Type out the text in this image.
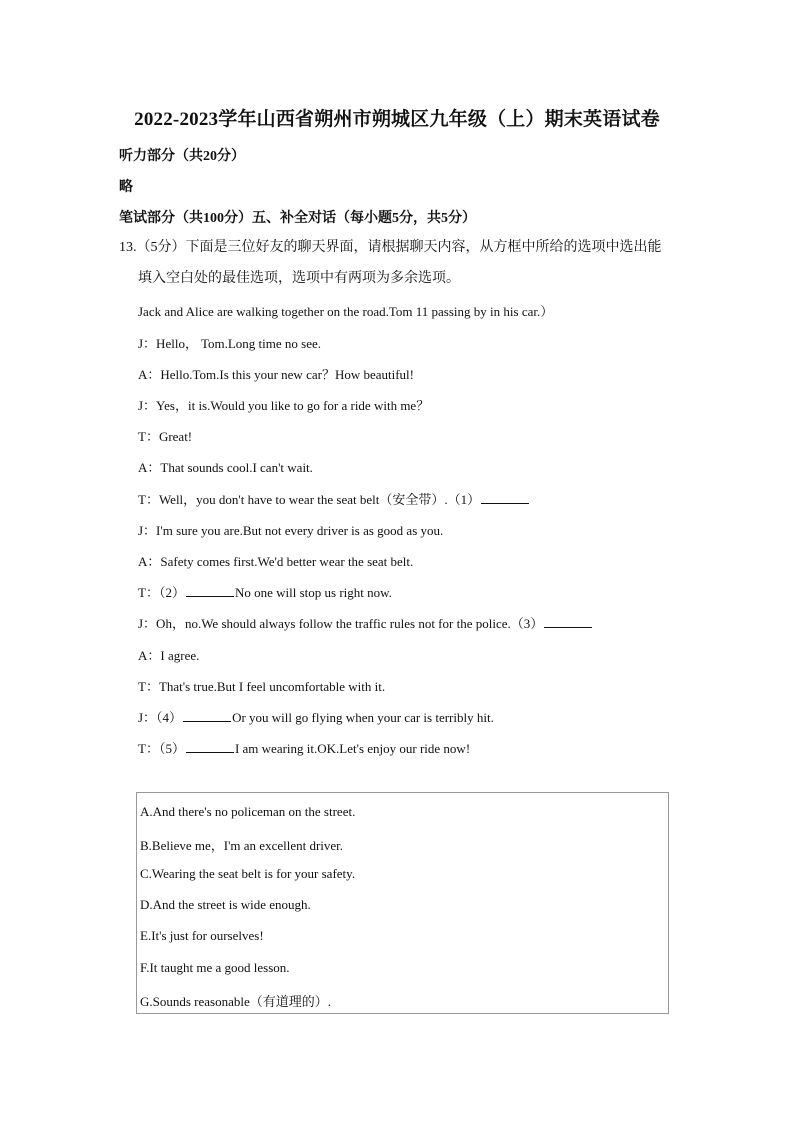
2022-2023学年山西省朔州市朔城区九年级（上）期末英语试卷
听力部分（共20分）
略
笔试部分（共100分）五、补全对话（每小题5分，共5分）
13.（5分）下面是三位好友的聊天界面，请根据聊天内容，从方框中所给的选项中选出能
填入空白处的最佳选项，选项中有两项为多余选项。
Jack and Alice are walking together on the road.Tom 11 passing by in his car.）
J：Hello， Tom.Long time no see.
A：Hello.Tom.Is this your new car？How beautiful!
J：Yes，it is.Would you like to go for a ride with me？
T：Great!
A：That sounds cool.I can't wait.
T：Well，you don't have to wear the seat belt（安全带）.（1）
J：I'm sure you are.But not every driver is as good as you.
A：Safety comes first.We'd better wear the seat belt.
T：（2）	No one will stop us right now.
J：Oh，no.We should always follow the traffic rules not for the police.（3）
A：I agree.
T：That's true.But I feel uncomfortable with it.
J：（4）	Or you will go flying when your car is terribly hit.
T：（5）	I am wearing it.OK.Let's enjoy our ride now!
A.And there's no policeman on the street.
B.Believe me，I'm an excellent driver.
C.Wearing the seat belt is for your safety.
D.And the street is wide enough.
E.It's just for ourselves!
F.It taught me a good lesson.
G.Sounds reasonable（有道理的）.
